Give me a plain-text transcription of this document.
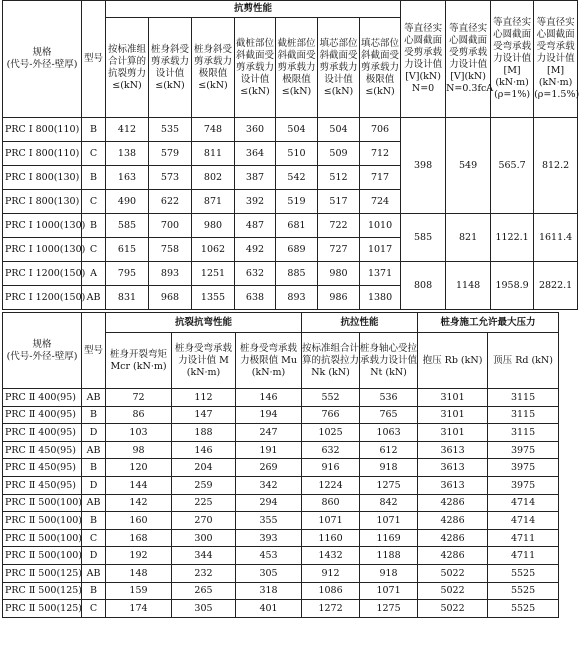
规格
(代号-外径-壁厚)	型号	抗剪性能							等直径实心圆截面受剪承载力设计值[V](kN) N=0	等直径实心圆截面受剪承载力设计值[V](kN) N=0.3fcA	等直径实心圆截面受弯承载力设计值[M](kN·m) (ρ=1%)	等直径实心圆截面受弯承载力设计值[M](kN·m) (ρ=1.5%)
		按标准组合计算的抗裂剪力≤(kN)	桩身斜受剪承载力设计值≤(kN)	桩身斜受剪承载力极限值≤(kN)	截桩部位斜截面受剪承载力设计值≤(kN)	截桩部位斜截面受剪承载力极限值≤(kN)	填芯部位斜截面受剪承载力设计值≤(kN)	填芯部位斜截面受剪承载力极限值≤(kN)				
PRC Ⅰ 800(110)	B	412	535	748	360	504	504	706	398	549	565.7	812.2
PRC Ⅰ 800(110)	C	138	579	811	364	510	509	712				
PRC Ⅰ 800(130)	B	163	573	802	387	542	512	717				
PRC Ⅰ 800(130)	C	490	622	871	392	519	517	724				
PRC Ⅰ 1000(130)	B	585	700	980	487	681	722	1010	585	821	1122.1	1611.4
PRC Ⅰ 1000(130)	C	615	758	1062	492	689	727	1017				
PRC Ⅰ 1200(150)	A	795	893	1251	632	885	980	1371	808	1148	1958.9	2822.1
PRC Ⅰ 1200(150)	AB	831	968	1355	638	893	986	1380				
规格
(代号-外径-壁厚)	型号	抗裂抗弯性能			抗拉性能		桩身施工允许最大压力	
		桩身开裂弯矩 Mcr (kN·m)	桩身受弯承载力设计值 M (kN·m)	桩身受弯承载力极限值 Mu (kN·m)	按标准组合计算的抗裂拉力 Nk (kN)	桩身轴心受拉承载力设计值 Nt (kN)	抱压 Rb (kN)	顶压 Rd (kN)
PRC Ⅱ 400(95)	AB	72	112	146	552	536	3101	3115
PRC Ⅱ 400(95)	B	86	147	194	766	765	3101	3115
PRC Ⅱ 400(95)	D	103	188	247	1025	1063	3101	3115
PRC Ⅱ 450(95)	AB	98	146	191	632	612	3613	3975
PRC Ⅱ 450(95)	B	120	204	269	916	918	3613	3975
PRC Ⅱ 450(95)	D	144	259	342	1224	1275	3613	3975
PRC Ⅱ 500(100)	AB	142	225	294	860	842	4286	4714
PRC Ⅱ 500(100)	B	160	270	355	1071	1071	4286	4714
PRC Ⅱ 500(100)	C	168	300	393	1160	1169	4286	4711
PRC Ⅱ 500(100)	D	192	344	453	1432	1188	4286	4711
PRC Ⅱ 500(125)	AB	148	232	305	912	918	5022	5525
PRC Ⅱ 500(125)	B	159	265	318	1086	1071	5022	5525
PRC Ⅱ 500(125)	C	174	305	401	1272	1275	5022	5525
